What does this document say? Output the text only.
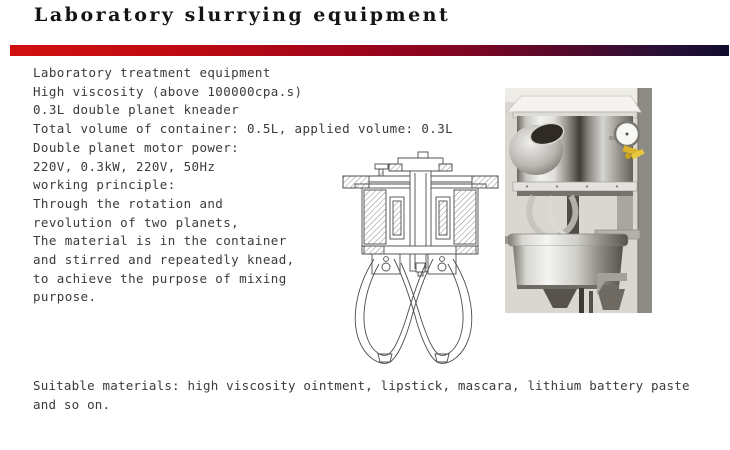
Laboratory slurrying equipment
Laboratory treatment equipment
High viscosity (above 100000cpa.s)
0.3L double planet kneader
Total volume of container: 0.5L, applied volume: 0.3L
Double planet motor power:
220V, 0.3kW, 220V, 50Hz
working principle:
Through the rotation and
revolution of two planets,
The material is in the container
and stirred and repeatedly knead,
to achieve the purpose of mixing
purpose.
Suitable materials: high viscosity ointment, lipstick, mascara, lithium battery paste
and so on.
